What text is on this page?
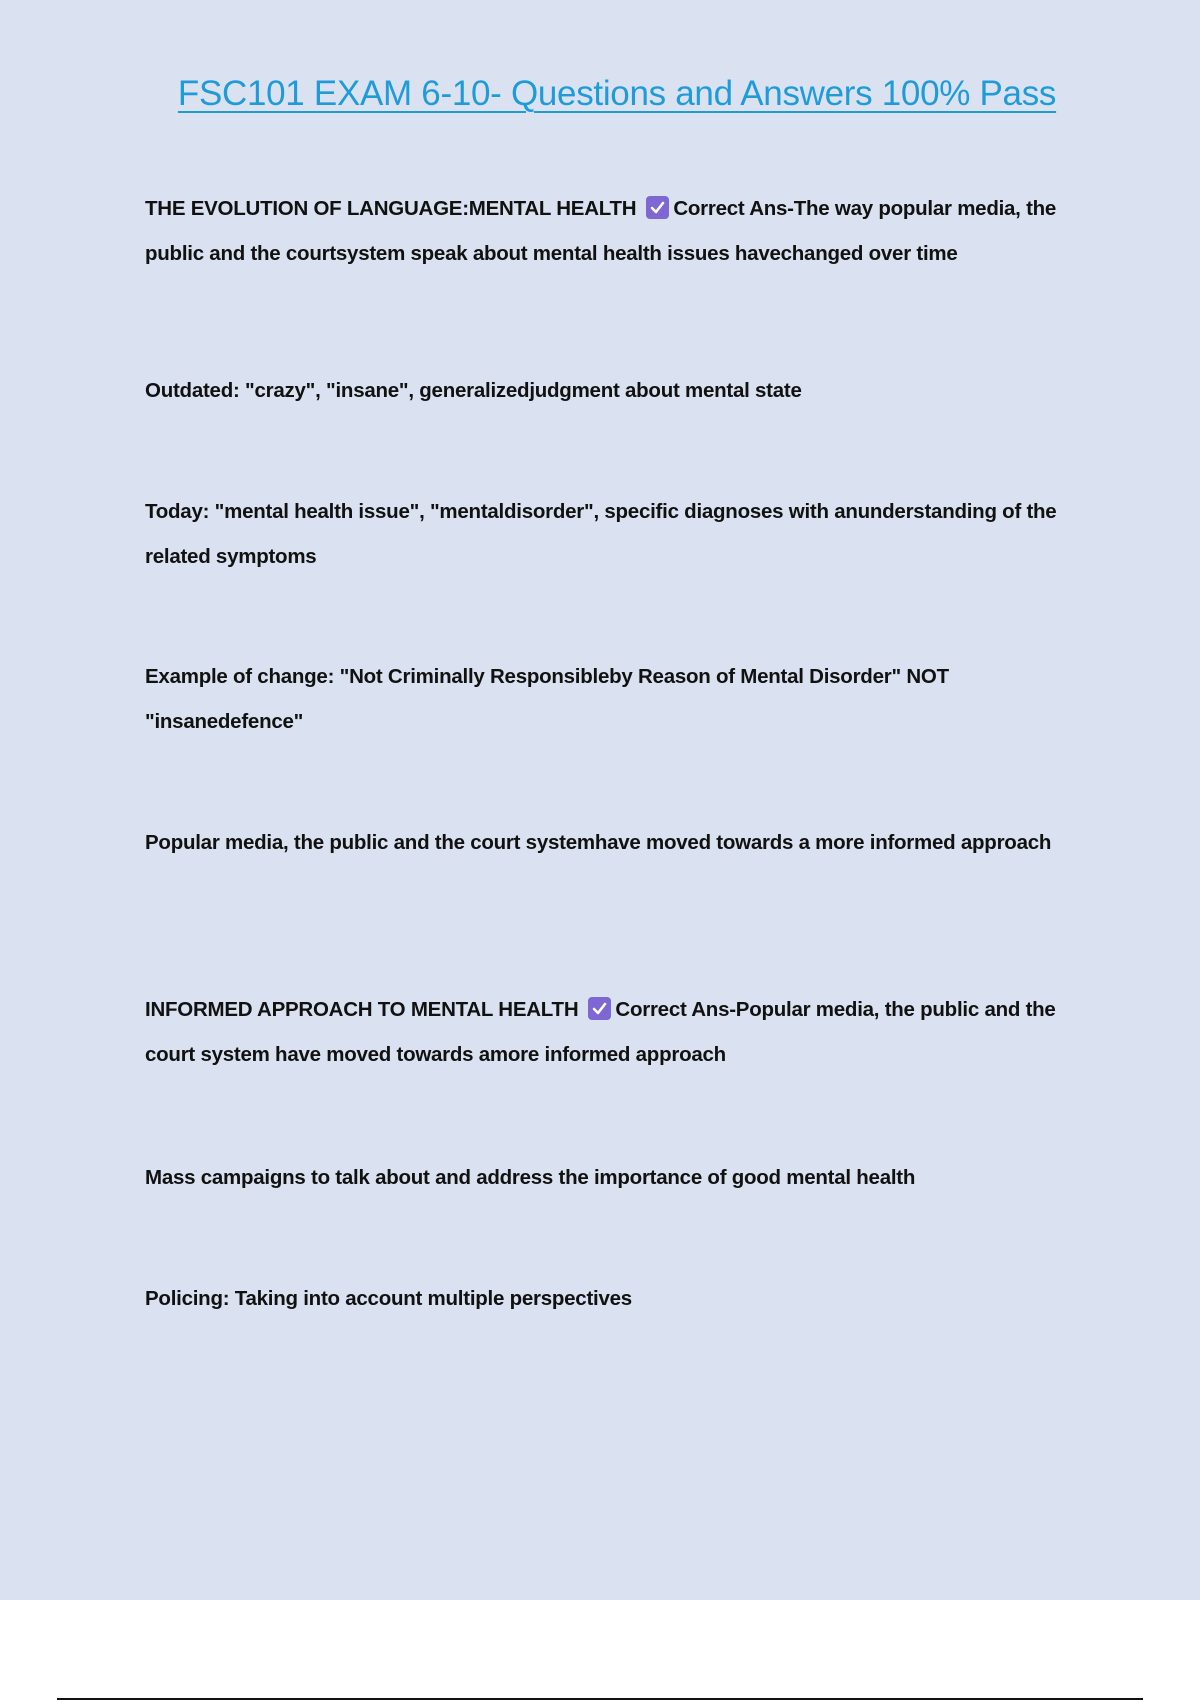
FSC101 EXAM 6-10- Questions and Answers 100% Pass

THE EVOLUTION OF LANGUAGE:MENTAL HEALTH Correct Ans-The way popular media, the public and the courtsystem speak about mental health issues havechanged over time

Outdated: "crazy", "insane", generalizedjudgment about mental state

Today: "mental health issue", "mentaldisorder", specific diagnoses with anunderstanding of the related symptoms

Example of change: "Not Criminally Responsibleby Reason of Mental Disorder" NOT "insanedefence"

Popular media, the public and the court systemhave moved towards a more informed approach

INFORMED APPROACH TO MENTAL HEALTH Correct Ans-Popular media, the public and the court system have moved towards amore informed approach

Mass campaigns to talk about and address the importance of good mental health

Policing: Taking into account multiple perspectives
